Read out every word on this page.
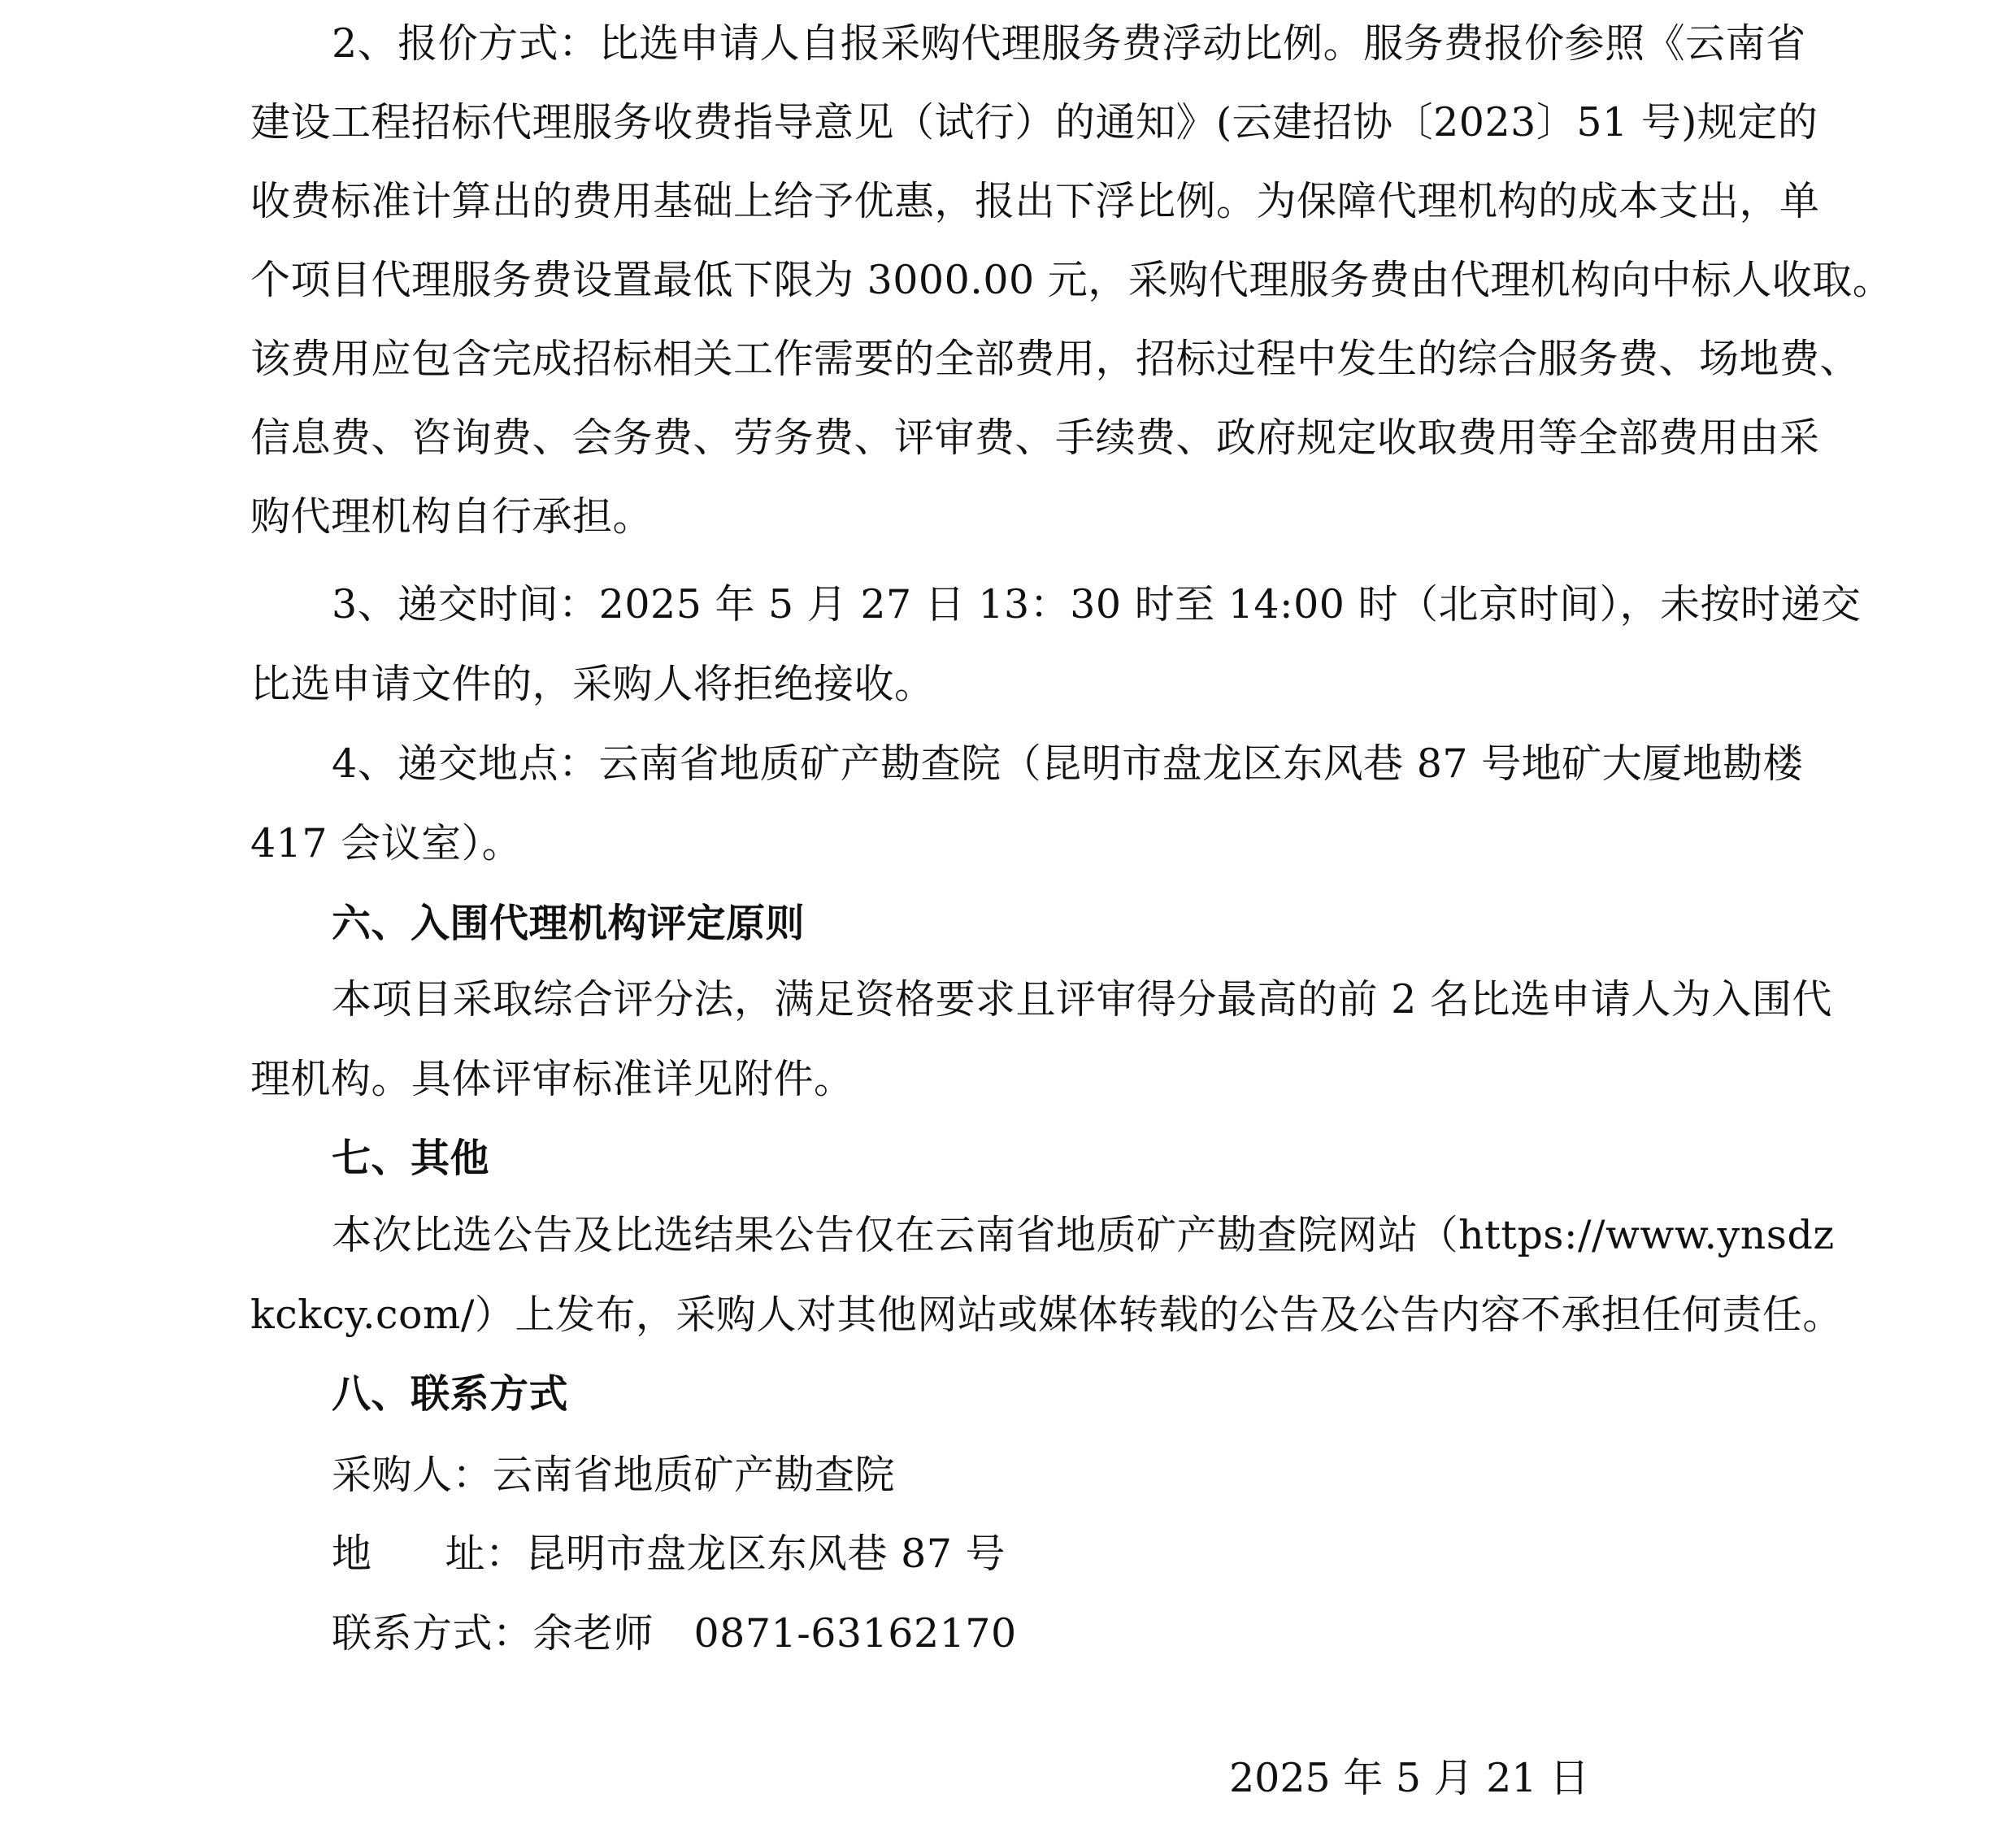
2、报价方式：比选申请人自报采购代理服务费浮动比例。服务费报价参照《云南省
建设工程招标代理服务收费指导意见（试行）的通知》(云建招协〔2023〕51 号)规定的
收费标准计算出的费用基础上给予优惠，报出下浮比例。为保障代理机构的成本支出，单
个项目代理服务费设置最低下限为 3000.00 元，采购代理服务费由代理机构向中标人收取。
该费用应包含完成招标相关工作需要的全部费用，招标过程中发生的综合服务费、场地费、
信息费、咨询费、会务费、劳务费、评审费、手续费、政府规定收取费用等全部费用由采
购代理机构自行承担。
3、递交时间：2025 年 5 月 27 日 13：30 时至 14:00 时（北京时间），未按时递交
比选申请文件的，采购人将拒绝接收。
4、递交地点：云南省地质矿产勘查院（昆明市盘龙区东风巷 87 号地矿大厦地勘楼
417 会议室）。
六、入围代理机构评定原则
本项目采取综合评分法，满足资格要求且评审得分最高的前 2 名比选申请人为入围代
理机构。具体评审标准详见附件。
七、其他
本次比选公告及比选结果公告仅在云南省地质矿产勘查院网站（https://www.ynsdz
kckcy.com/）上发布，采购人对其他网站或媒体转载的公告及公告内容不承担任何责任。
八、联系方式
采购人：云南省地质矿产勘查院
地 址：昆明市盘龙区东风巷 87 号
联系方式：余老师　0871-63162170
2025 年 5 月 21 日
